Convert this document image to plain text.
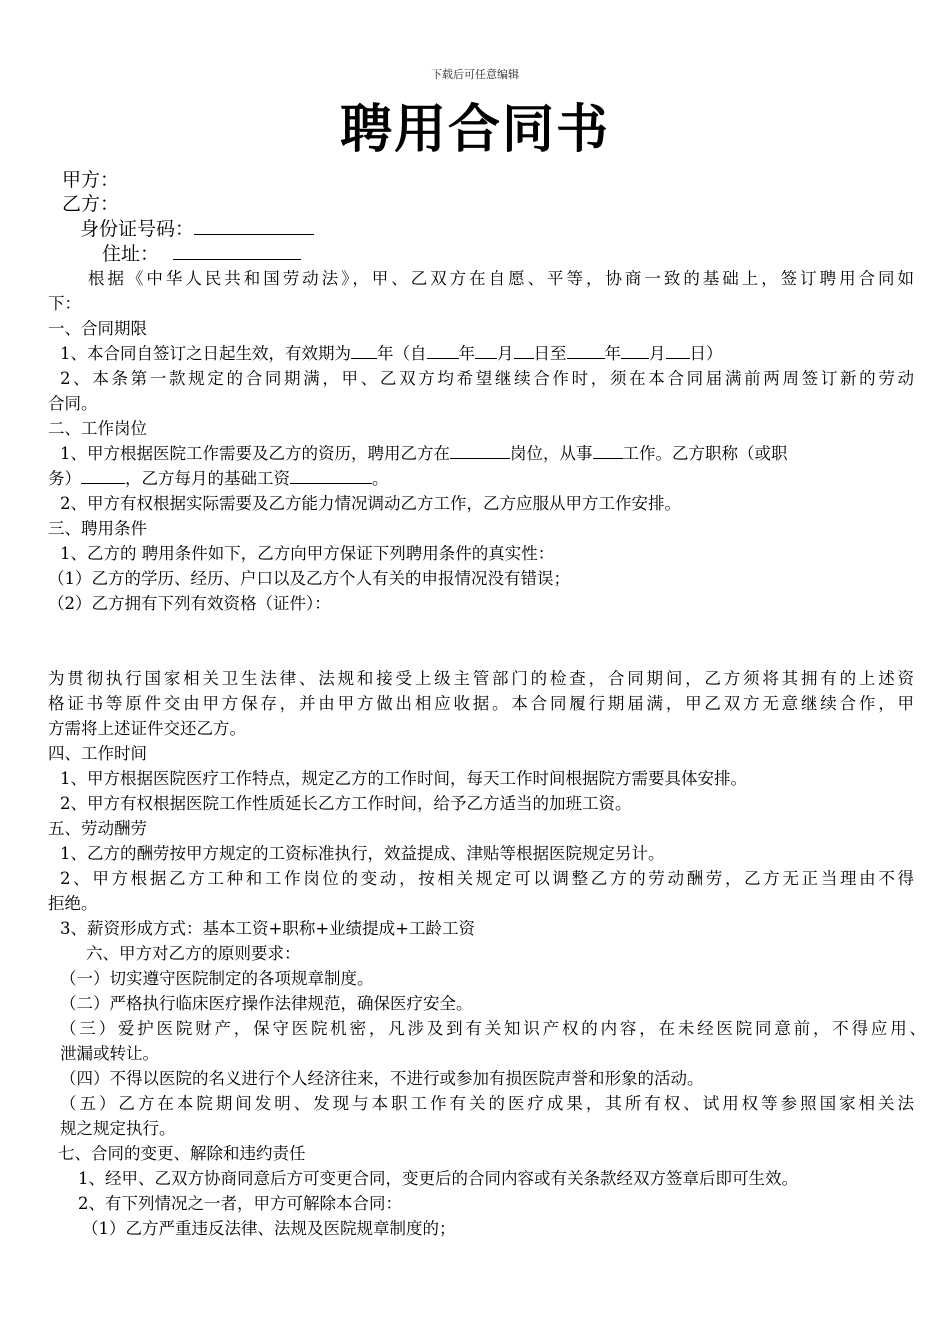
下载后可任意编辑
聘用合同书
甲方：
乙方：
身份证号码：
住址：
根据《中华人民共和国劳动法》，甲、乙双方在自愿、平等，协商一致的基础上，签订聘用合同如
下：
一、合同期限
1、本合同自签订之日起生效，有效期为 年（自 年 月 日至 年 月 日）
2、本条第一款规定的合同期满，甲、乙双方均希望继续合作时，须在本合同届满前两周签订新的劳动
合同。
二、工作岗位
1、甲方根据医院工作需要及乙方的资历，聘用乙方在	岗位，从事 工作。乙方职称（或职
务）	，乙方每月的基础工资	。
2、甲方有权根据实际需要及乙方能力情况调动乙方工作，乙方应服从甲方工作安排。
三、聘用条件
1、乙方的 聘用条件如下，乙方向甲方保证下列聘用条件的真实性：
（1）乙方的学历、经历、户口以及乙方个人有关的申报情况没有错误；
（2）乙方拥有下列有效资格（证件）：
为贯彻执行国家相关卫生法律、法规和接受上级主管部门的检查，合同期间，乙方须将其拥有的上述资
格证书等原件交由甲方保存，并由甲方做出相应收据。本合同履行期届满，甲乙双方无意继续合作，甲
方需将上述证件交还乙方。
四、工作时间
1、甲方根据医院医疗工作特点，规定乙方的工作时间，每天工作时间根据院方需要具体安排。
2、甲方有权根据医院工作性质延长乙方工作时间，给予乙方适当的加班工资。
五、劳动酬劳
1、乙方的酬劳按甲方规定的工资标准执行，效益提成、津贴等根据医院规定另计。
2、甲方根据乙方工种和工作岗位的变动，按相关规定可以调整乙方的劳动酬劳，乙方无正当理由不得
拒绝。
3、薪资形成方式：基本工资+职称+业绩提成+工龄工资
六、甲方对乙方的原则要求：
（一）切实遵守医院制定的各项规章制度。
（二）严格执行临床医疗操作法律规范，确保医疗安全。
（三）爱护医院财产，保守医院机密，凡涉及到有关知识产权的内容，在未经医院同意前，不得应用、
泄漏或转让。
（四）不得以医院的名义进行个人经济往来，不进行或参加有损医院声誉和形象的活动。
（五）乙方在本院期间发明、发现与本职工作有关的医疗成果，其所有权、试用权等参照国家相关法
规之规定执行。
七、合同的变更、解除和违约责任
1、经甲、乙双方协商同意后方可变更合同，变更后的合同内容或有关条款经双方签章后即可生效。
2、有下列情况之一者，甲方可解除本合同：
（1）乙方严重违反法律、法规及医院规章制度的；
